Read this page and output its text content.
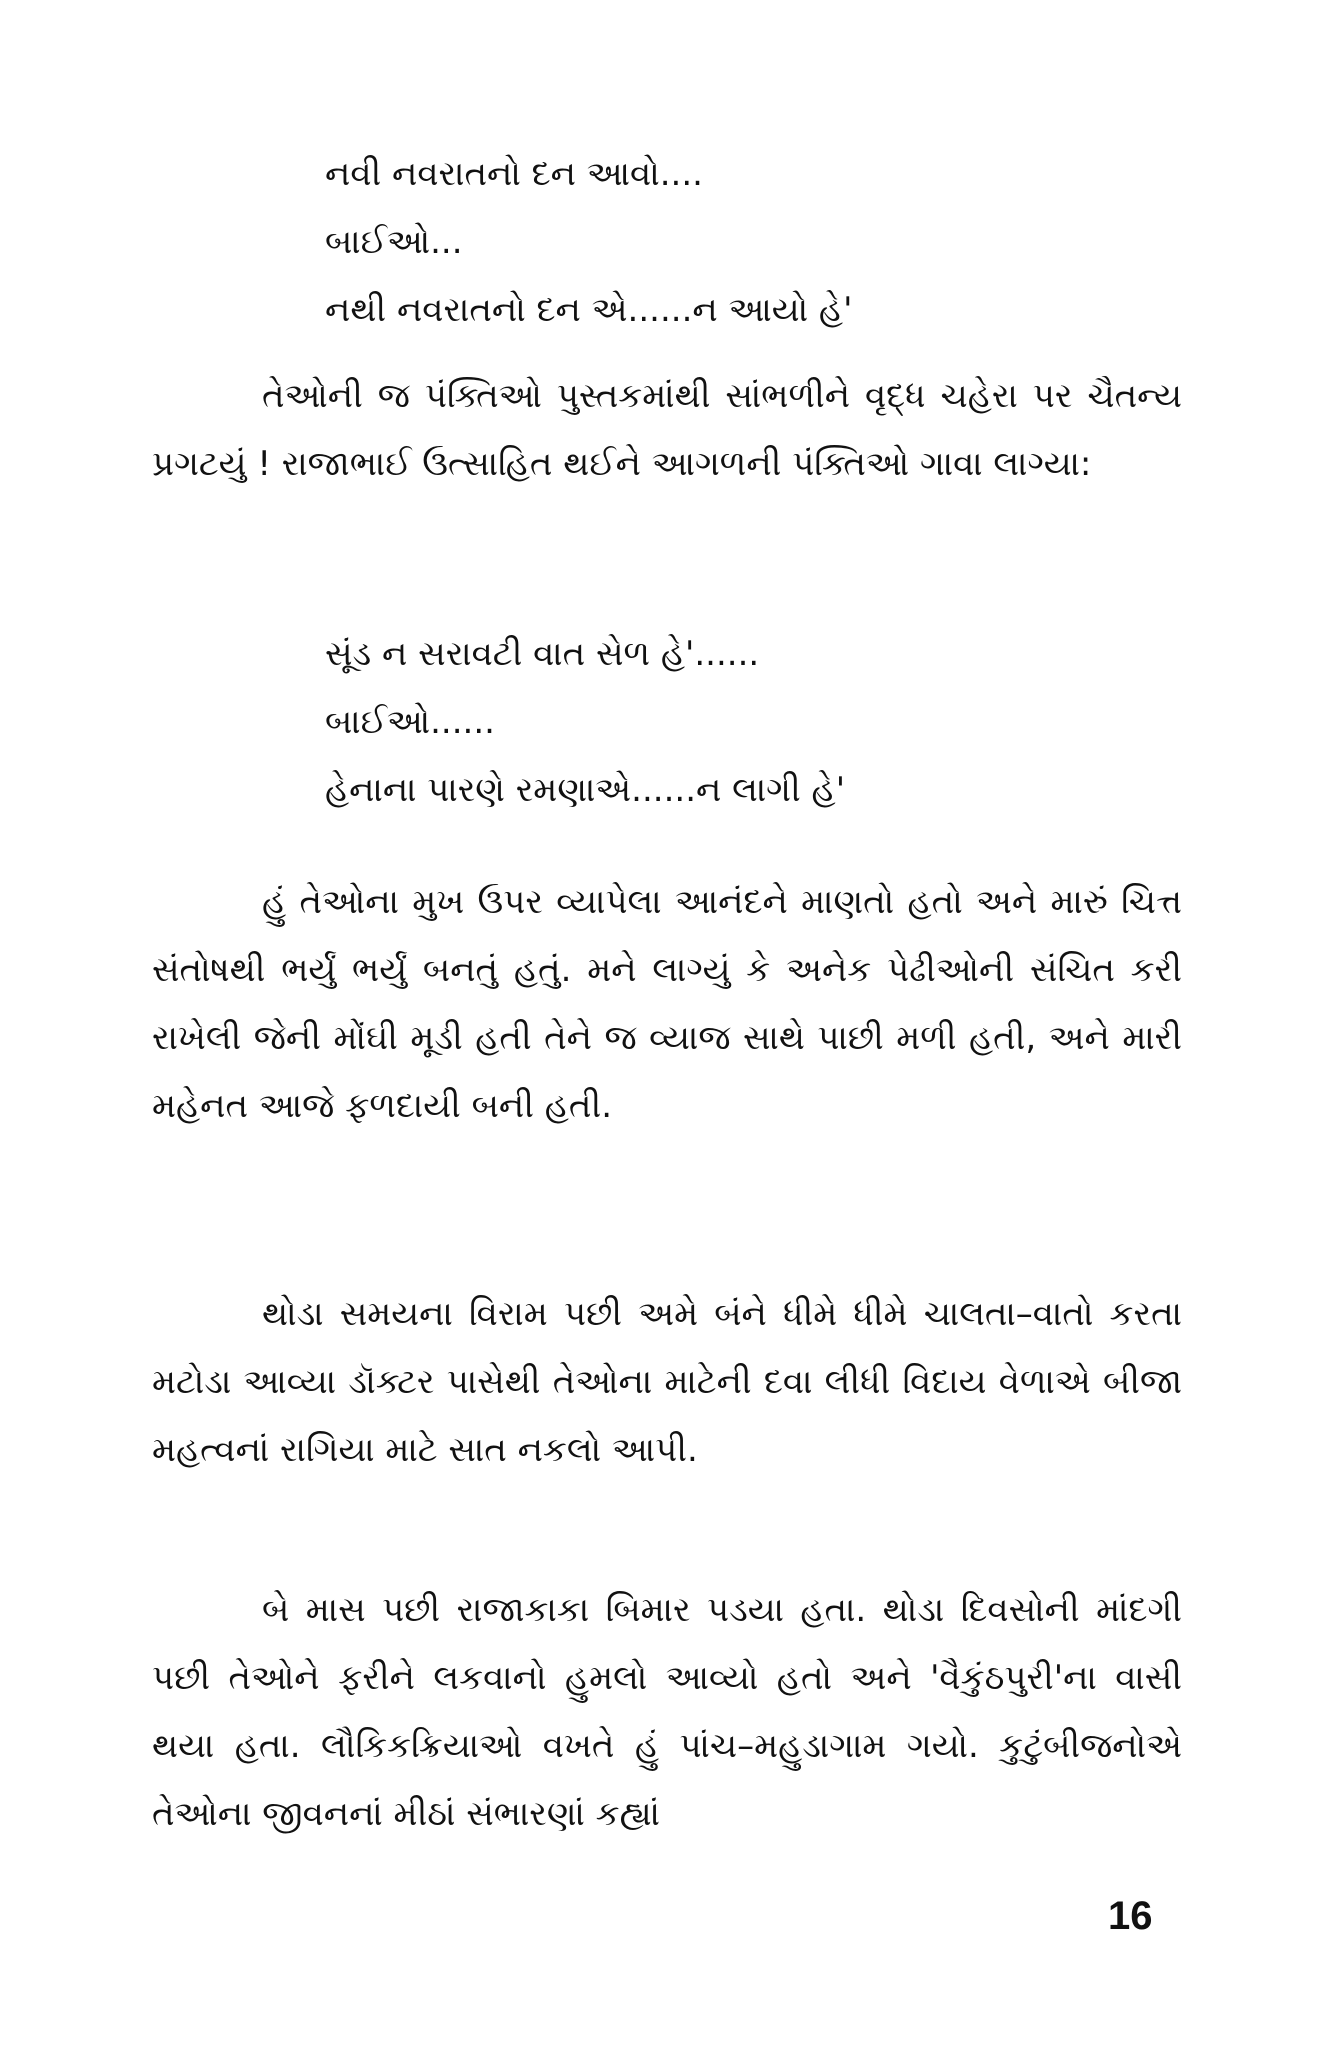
નવી નવરાતનો દન આવો....
બાઈઓ...
નથી નવરાતનો દન એ......ન આયો હે'
તેઓની જ પંક્તિઓ પુસ્તકમાંથી સાંભળીને વૃદ્ધ ચહેરા પર ચૈતન્ય પ્રગટયું ! રાજાભાઈ ઉત્સાહિત થઈને આગળની પંક્તિઓ ગાવા લાગ્યા:
સૂંડ ન સરાવટી વાત સેળ હે'......
બાઈઓ......
હેનાના પારણે રમણાએ......ન લાગી હે'
હું તેઓના મુખ ઉપર વ્યાપેલા આનંદને માણતો હતો અને મારું ચિત્ત સંતોષથી ભર્યું ભર્યું બનતું હતું. મને લાગ્યું કે અનેક પેઢીઓની સંચિત કરી રાખેલી જેની મોંઘી મૂડી હતી તેને જ વ્યાજ સાથે પાછી મળી હતી, અને મારી મહેનત આજે ફળદાયી બની હતી.
થોડા સમયના વિરામ પછી અમે બંને ધીમે ધીમે ચાલતા–વાતો કરતા મટોડા આવ્યા ડૉક્ટર પાસેથી તેઓના માટેની દવા લીધી વિદાય વેળાએ બીજા મહત્વનાં રાગિયા માટે સાત નકલો આપી.
બે માસ પછી રાજાકાકા બિમાર પડયા હતા. થોડા દિવસોની માંદગી પછી તેઓને ફરીને લકવાનો હુમલો આવ્યો હતો અને 'વૈકુંઠપુરી'ના વાસી થયા હતા. લૌકિકક્રિયાઓ વખતે હું પાંચ–મહુડાગામ ગયો. કુટુંબીજનોએ તેઓના જીવનનાં મીઠાં સંભારણાં કહ્યાં
16
